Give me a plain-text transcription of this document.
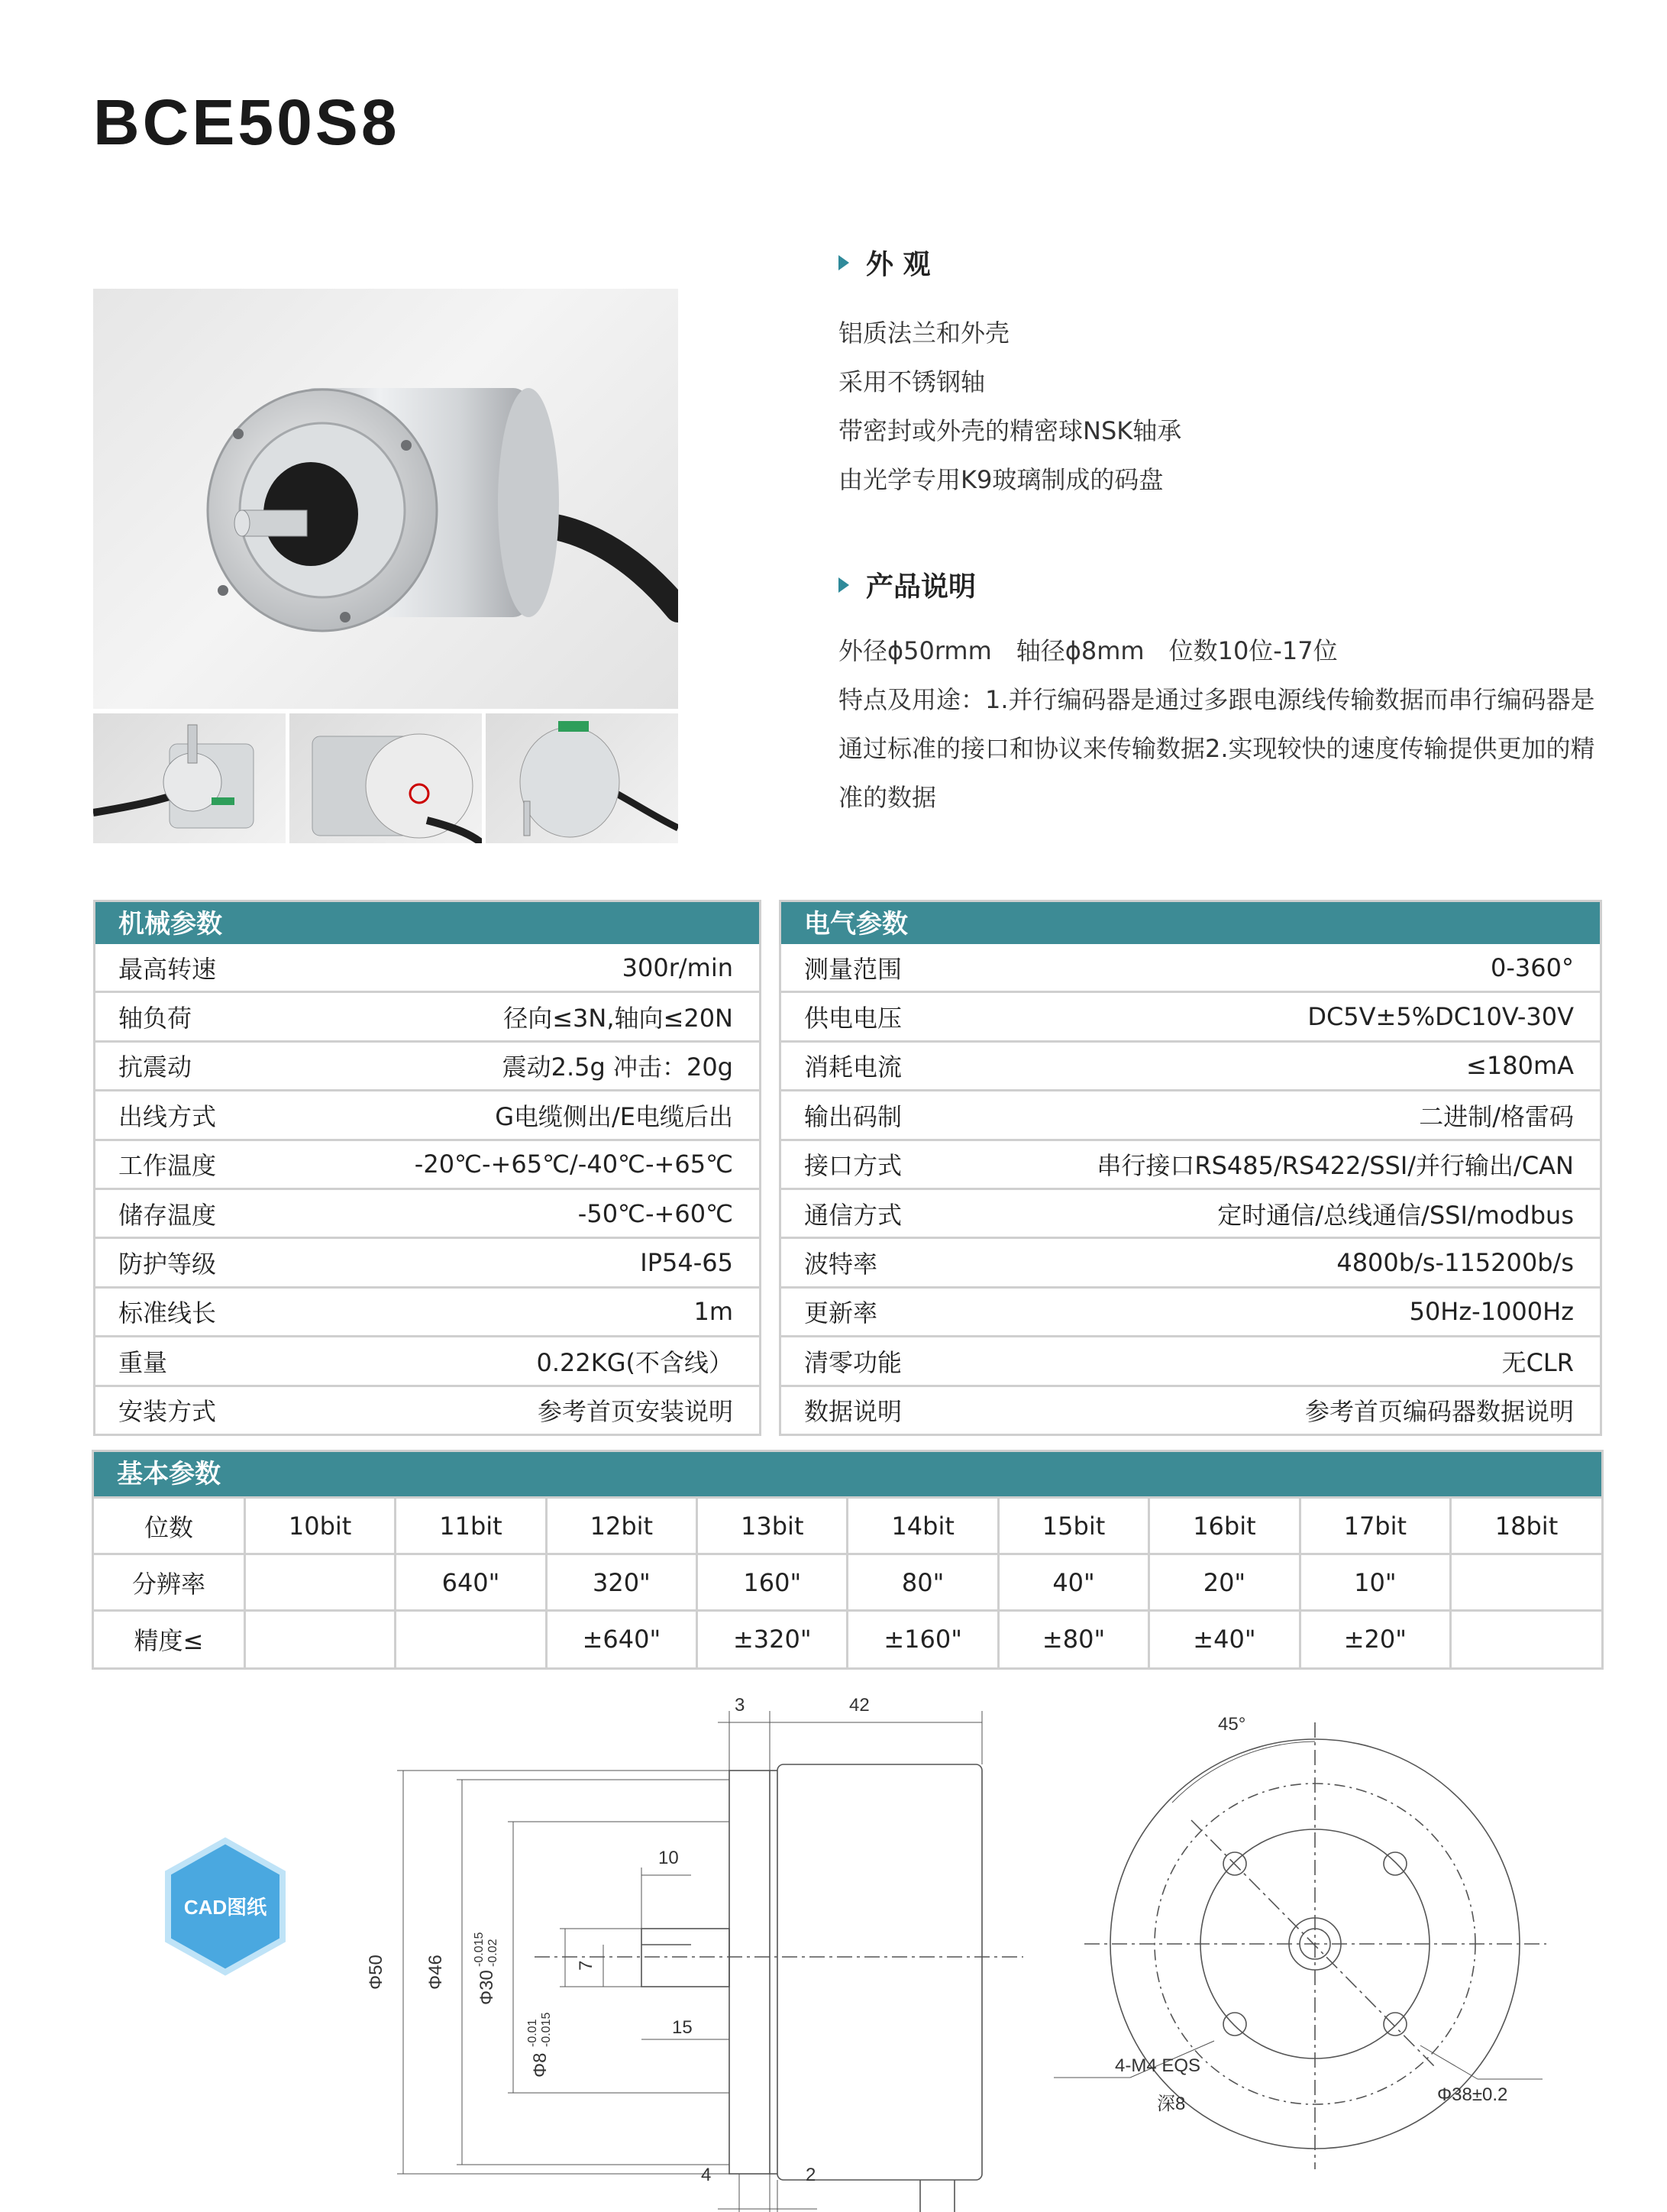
BCE50S8
外 观
铝质法兰和外壳
采用不锈钢轴
带密封或外壳的精密球NSK轴承
由光学专用K9玻璃制成的码盘
产品说明
外径ϕ50rmm　轴径ϕ8mm　位数10位-17位
特点及用途：1.并行编码器是通过多跟电源线传输数据而串行编码器是通过标准的接口和协议来传输数据2.实现较快的速度传输提供更加的精准的数据
机械参数
最高转速	300r/min
轴负荷	径向≤3N,轴向≤20N
抗震动	震动2.5g 冲击：20g
出线方式	G电缆侧出/E电缆后出
工作温度	-20℃-+65℃/-40℃-+65℃
储存温度	-50℃-+60℃
防护等级	IP54-65
标准线长	1m
重量	0.22KG(不含线）
安装方式	参考首页安装说明
电气参数
测量范围	0-360°
供电电压	DC5V±5%DC10V-30V
消耗电流	≤180mA
输出码制	二进制/格雷码
接口方式	串行接口RS485/RS422/SSI/并行输出/CAN
通信方式	定时通信/总线通信/SSI/modbus
波特率	4800b/s-115200b/s
更新率	50Hz-1000Hz
清零功能	无CLR
数据说明	参考首页编码器数据说明
基本参数
位数	10bit	11bit	12bit	13bit	14bit	15bit	16bit	17bit	18bit
分辨率		640"	320"	160"	80"	40"	20"	10"	
精度≤			±640"	±320"	±160"	±80"	±40"	±20"	
CAD图纸
3	42
10
7
15
4	2
Φ50 Φ46 Φ30
-0.015 -0.02
Φ8
-0.01 -0.015
45°
4-M4 EQS
深8	Φ38±0.2
